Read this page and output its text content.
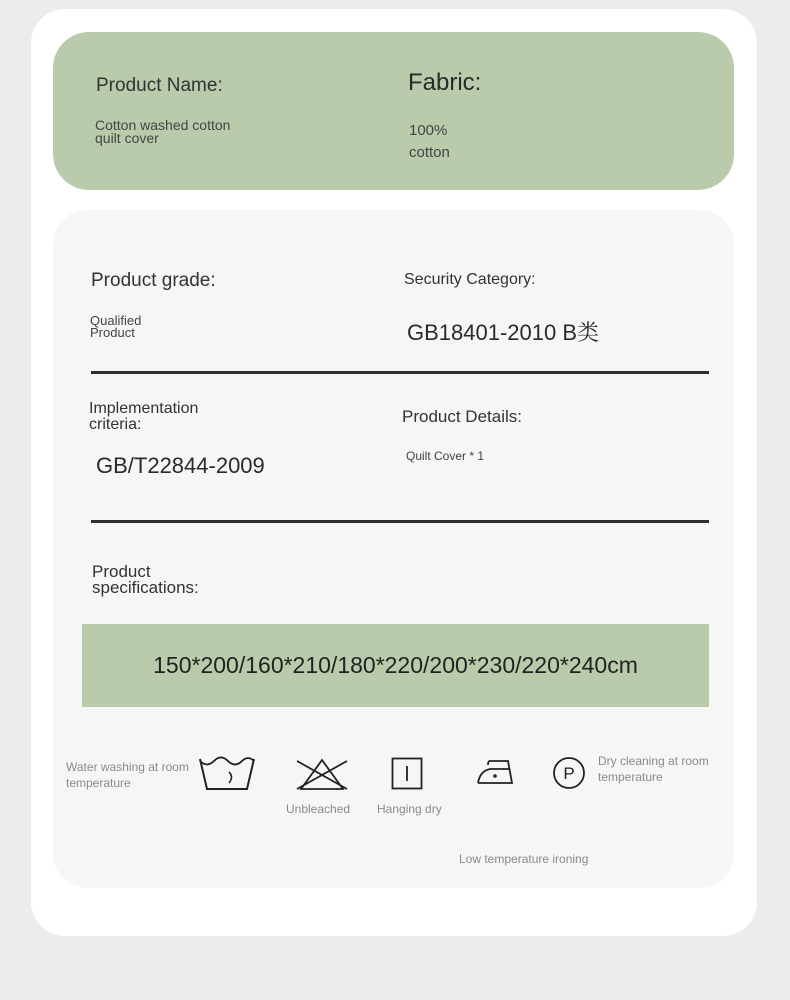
Product Name:
Cotton washed cotton
quilt cover
Fabric:
100%
cotton
Product grade:
Qualified
Product
Security Category:
GB18401-2010 B类
Implementation
criteria:
GB/T22844-2009
Product Details:
Quilt Cover * 1
Product
specifications:
150*200/160*210/180*220/200*230/220*240cm
Water washing at room
temperature
Unbleached Hanging dry
P
Dry cleaning at room
temperature
Low temperature ironing
